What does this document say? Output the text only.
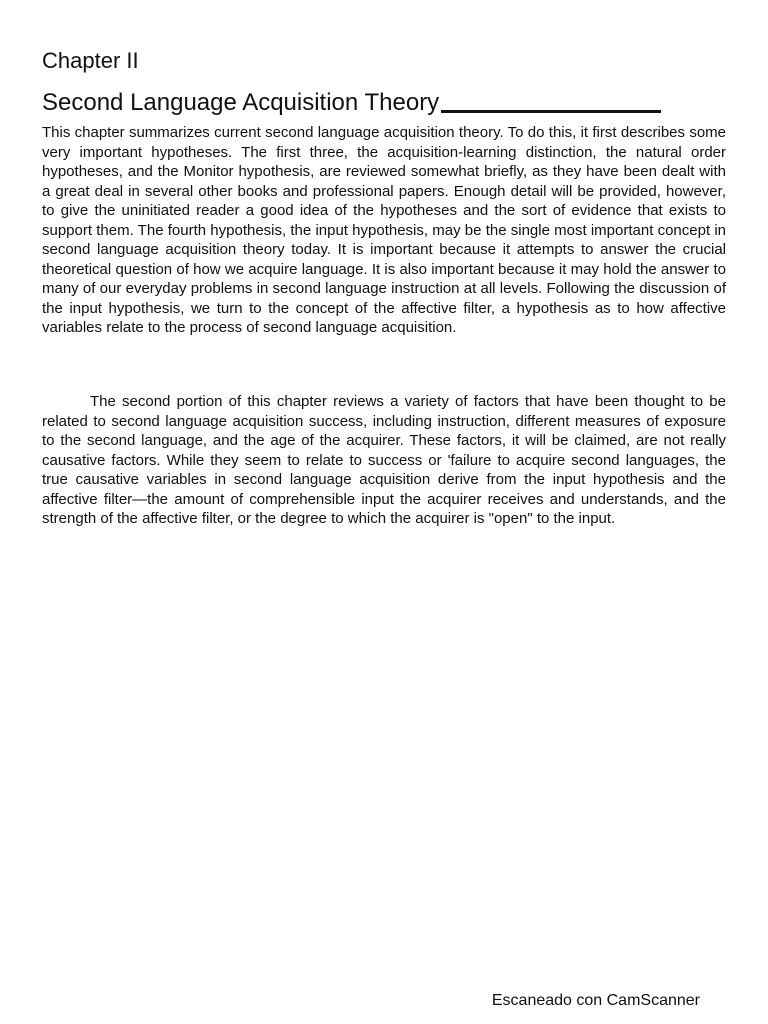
Chapter II
Second Language Acquisition Theory

This chapter summarizes current second language acquisition theory. To do this, it first describes some very important hypotheses. The first three, the acquisition-learning distinction, the natural order hypotheses, and the Monitor hypothesis, are reviewed somewhat briefly, as they have been dealt with a great deal in several other books and professional papers. Enough detail will be provided, however, to give the uninitiated reader a good idea of the hypotheses and the sort of evidence that exists to support them. The fourth hypothesis, the input hypothesis, may be the single most important concept in second language acquisition theory today. It is important because it attempts to answer the crucial theoretical question of how we acquire language. It is also important because it may hold the answer to many of our everyday problems in second language instruction at all levels. Following the discussion of the input hypothesis, we turn to the concept of the affective filter, a hypothesis as to how affective variables relate to the process of second language acquisition.

The second portion of this chapter reviews a variety of factors that have been thought to be related to second language acquisition success, including instruction, different measures of exposure to the second language, and the age of the acquirer. These factors, it will be claimed, are not really causative factors. While they seem to relate to success or 'failure to acquire second languages, the true causative variables in second language acquisition derive from the input hypothesis and the affective filter—the amount of comprehensible input the acquirer receives and understands, and the strength of the affective filter, or the degree to which the acquirer is "open" to the input.

Escaneado con CamScanner
